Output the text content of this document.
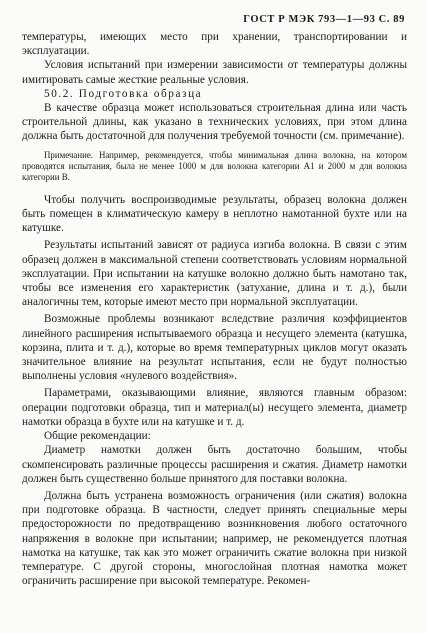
ГОСТ Р МЭК 793—1—93 С. 89

температуры, имеющих место при хранении, транспортировании и эксплуатации.

Условия испытаний при измерении зависимости от температуры должны имитировать самые жесткие реальные условия.

50.2. Подготовка образца

В качестве образца может использоваться строительная длина или часть строительной длины, как указано в технических условиях, при этом длина должна быть достаточной для получения требуемой точности (см. примечание).

Примечание. Например, рекомендуется, чтобы минимальная длина волокна, на котором проводятся испытания, была не менее 1000 м для волокна категории А1 и 2000 м для волокна категории В.

Чтобы получить воспроизводимые результаты, образец волокна должен быть помещен в климатическую камеру в неплотно намотанной бухте или на катушке.

Результаты испытаний зависят от радиуса изгиба волокна. В связи с этим образец должен в максимальной степени соответствовать условиям нормальной эксплуатации. При испытании на катушке волокно должно быть намотано так, чтобы все изменения его характеристик (затухание, длина и т. д.), были аналогичны тем, которые имеют место при нормальной эксплуатации.

Возможные проблемы возникают вследствие различия коэффициентов линейного расширения испытываемого образца и несущего элемента (катушка, корзина, плита и т. д.), которые во время температурных циклов могут оказать значительное влияние на результат испытания, если не будут полностью выполнены условия «нулевого воздействия».

Параметрами, оказывающими влияние, являются главным образом: операции подготовки образца, тип и материал(ы) несущего элемента, диаметр намотки образца в бухте или на катушке и т. д.

Общие рекомендации:

Диаметр намотки должен быть достаточно большим, чтобы скомпенсировать различные процессы расширения и сжатия. Диаметр намотки должен быть существенно больше принятого для поставки волокна.

Должна быть устранена возможность ограничения (или сжатия) волокна при подготовке образца. В частности, следует принять специальные меры предосторожности по предотвращению возникновения любого остаточного напряжения в волокне при испытании; например, не рекомендуется плотная намотка на катушке, так как это может ограничить сжатие волокна при низкой температуре. С другой стороны, многослойная плотная намотка может ограничить расширение при высокой температуре. Рекомен-
